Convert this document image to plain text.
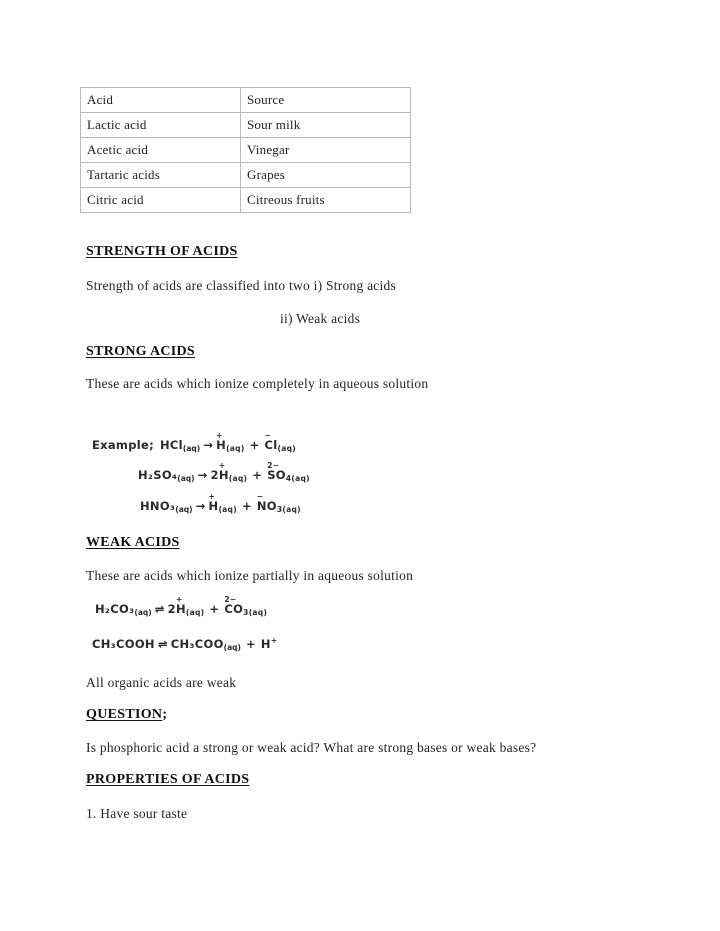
Acid	Source
Lactic acid	Sour milk
Acetic acid	Vinegar
Tartaric acids	Grapes
Citric acid	Citreous fruits
STRENGTH OF ACIDS
Strength of acids are classified into two i) Strong acids
ii) Weak acids
STRONG ACIDS
These are acids which ionize completely in aqueous solution
Example; HCl$_{(aq)}$ → H
+
(aq) + Cl
−
(aq)
$H_2SO_4_{(aq)} \to 2H$
+
(aq) + SO
2−
4(aq)
$HNO_3_{(aq)} \to H$
+
(aq) + NO
−
3(aq)
WEAK ACIDS
These are acids which ionize partially in aqueous solution
$H_2CO_3_{(aq)}$ ⇌ 2H
+
(aq) + CO
2−
3(aq)
CH₃COOH ⇌ $CH_3COO_{(aq)} + H^+$
All organic acids are weak
QUESTION;
Is phosphoric acid a strong or weak acid? What are strong bases or weak bases?
PROPERTIES OF ACIDS
1. Have sour taste
